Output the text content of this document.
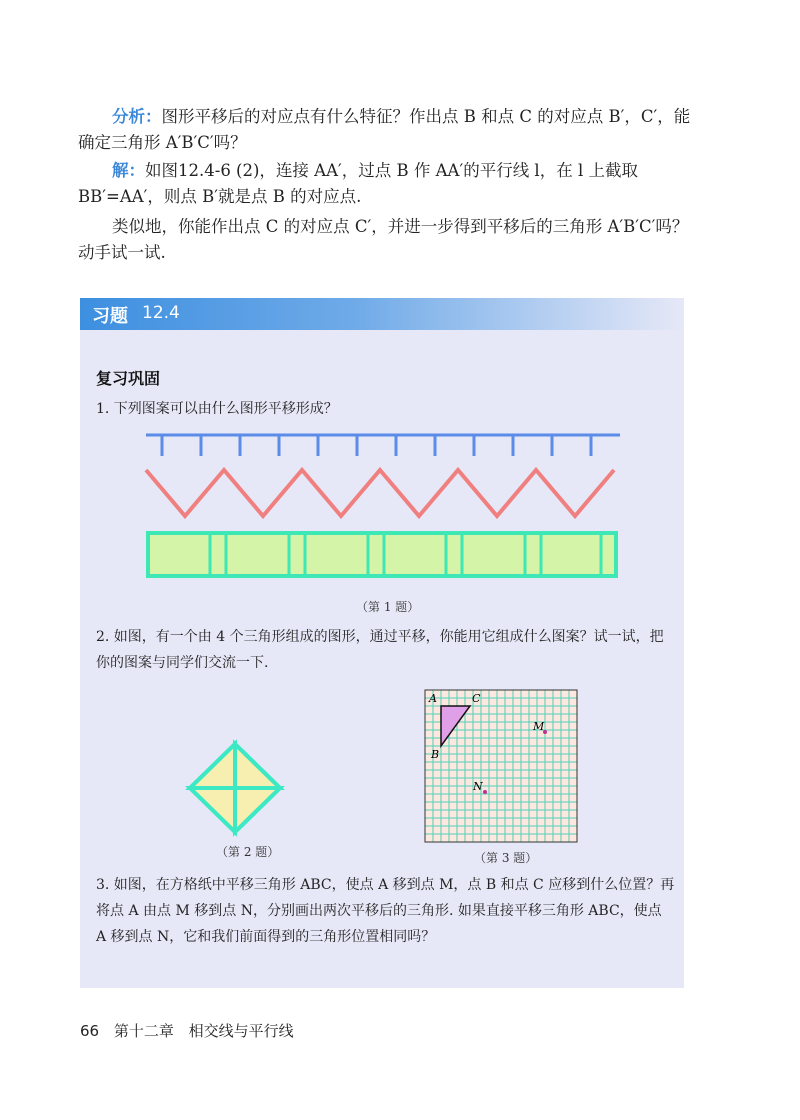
分析：图形平移后的对应点有什么特征？作出点 B 和点 C 的对应点 B′，C′，能确定三角形 A′B′C′吗？
解：如图12.4-6 (2)，连接 AA′，过点 B 作 AA′的平行线 l，在 l 上截取 BB′=AA′，则点 B′就是点 B 的对应点.
类似地，你能作出点 C 的对应点 C′，并进一步得到平移后的三角形 A′B′C′吗？动手试一试.
习题 12.4
复习巩固
1. 下列图案可以由什么图形平移形成？
（第 1 题）
2. 如图，有一个由 4 个三角形组成的图形，通过平移，你能用它组成什么图案？试一试，把你的图案与同学们交流一下.
（第 2 题）
A	C
B
M
N
（第 3 题）
3. 如图，在方格纸中平移三角形 ABC，使点 A 移到点 M，点 B 和点 C 应移到什么位置？再将点 A 由点 M 移到点 N，分别画出两次平移后的三角形. 如果直接平移三角形 ABC，使点 A 移到点 N，它和我们前面得到的三角形位置相同吗？
66 第十二章 相交线与平行线
